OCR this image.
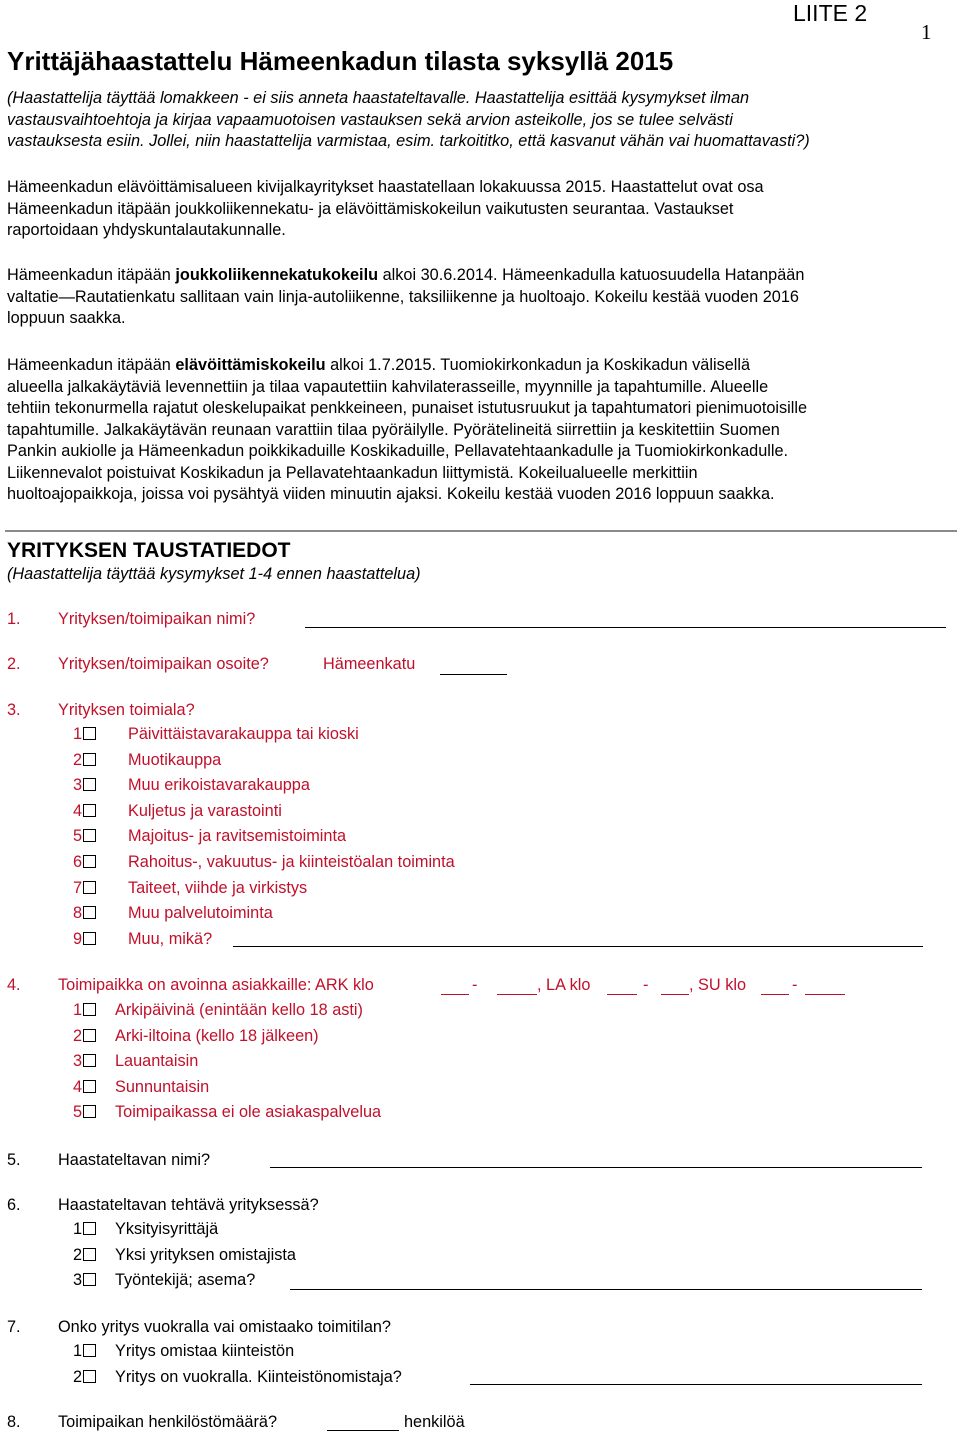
LIITE 2
1
Yrittäjähaastattelu Hämeenkadun tilasta syksyllä 2015
(Haastattelija täyttää lomakkeen - ei siis anneta haastateltavalle. Haastattelija esittää kysymykset ilman
vastausvaihtoehtoja ja kirjaa vapaamuotoisen vastauksen sekä arvion asteikolle, jos se tulee selvästi
vastauksesta esiin. Jollei, niin haastattelija varmistaa, esim. tarkoititko, että kasvanut vähän vai huomattavasti?)
Hämeenkadun elävöittämisalueen kivijalkayritykset haastatellaan lokakuussa 2015. Haastattelut ovat osa
Hämeenkadun itäpään joukkoliikennekatu- ja elävöittämiskokeilun vaikutusten seurantaa. Vastaukset
raportoidaan yhdyskuntalautakunnalle.
Hämeenkadun itäpään joukkoliikennekatukokeilu alkoi 30.6.2014. Hämeenkadulla katuosuudella Hatanpään
valtatie—Rautatienkatu sallitaan vain linja-autoliikenne, taksiliikenne ja huoltoajo. Kokeilu kestää vuoden 2016
loppuun saakka.
Hämeenkadun itäpään elävöittämiskokeilu alkoi 1.7.2015. Tuomiokirkonkadun ja Koskikadun välisellä
alueella jalkakäytäviä levennettiin ja tilaa vapautettiin kahvilaterasseille, myynnille ja tapahtumille. Alueelle
tehtiin tekonurmella rajatut oleskelupaikat penkkeineen, punaiset istutusruukut ja tapahtumatori pienimuotoisille
tapahtumille. Jalkakäytävän reunaan varattiin tilaa pyöräilylle. Pyörätelineitä siirrettiin ja keskitettiin Suomen
Pankin aukiolle ja Hämeenkadun poikkikaduille Koskikaduille, Pellavatehtaankadulle ja Tuomiokirkonkadulle.
Liikennevalot poistuivat Koskikadun ja Pellavatehtaankadun liittymistä. Kokeilualueelle merkittiin
huoltoajopaikkoja, joissa voi pysähtyä viiden minuutin ajaksi. Kokeilu kestää vuoden 2016 loppuun saakka.
YRITYKSEN TAUSTATIEDOT
(Haastattelija täyttää kysymykset 1-4 ennen haastattelua)
1. Yrityksen/toimipaikan nimi?
2. Yrityksen/toimipaikan osoite?	Hämeenkatu
3. Yrityksen toimiala?
1	Päivittäistavarakauppa tai kioski
2	Muotikauppa
3	Muu erikoistavarakauppa
4	Kuljetus ja varastointi
5	Majoitus- ja ravitsemistoiminta
6	Rahoitus-, vakuutus- ja kiinteistöalan toiminta
7	Taiteet, viihde ja virkistys
8	Muu palvelutoiminta
9	Muu, mikä?
4. Toimipaikka on avoinna asiakkaille: ARK klo	-	, LA klo	- , SU klo	-
1 Arkipäivinä (enintään kello 18 asti)
2 Arki-iltoina (kello 18 jälkeen)
3 Lauantaisin
4 Sunnuntaisin
5 Toimipaikassa ei ole asiakaspalvelua
5. Haastateltavan nimi?
6. Haastateltavan tehtävä yrityksessä?
1 Yksityisyrittäjä
2 Yksi yrityksen omistajista
3 Työntekijä; asema?
7. Onko yritys vuokralla vai omistaako toimitilan?
1 Yritys omistaa kiinteistön
2 Yritys on vuokralla. Kiinteistönomistaja?
8. Toimipaikan henkilöstömäärä?	henkilöä
